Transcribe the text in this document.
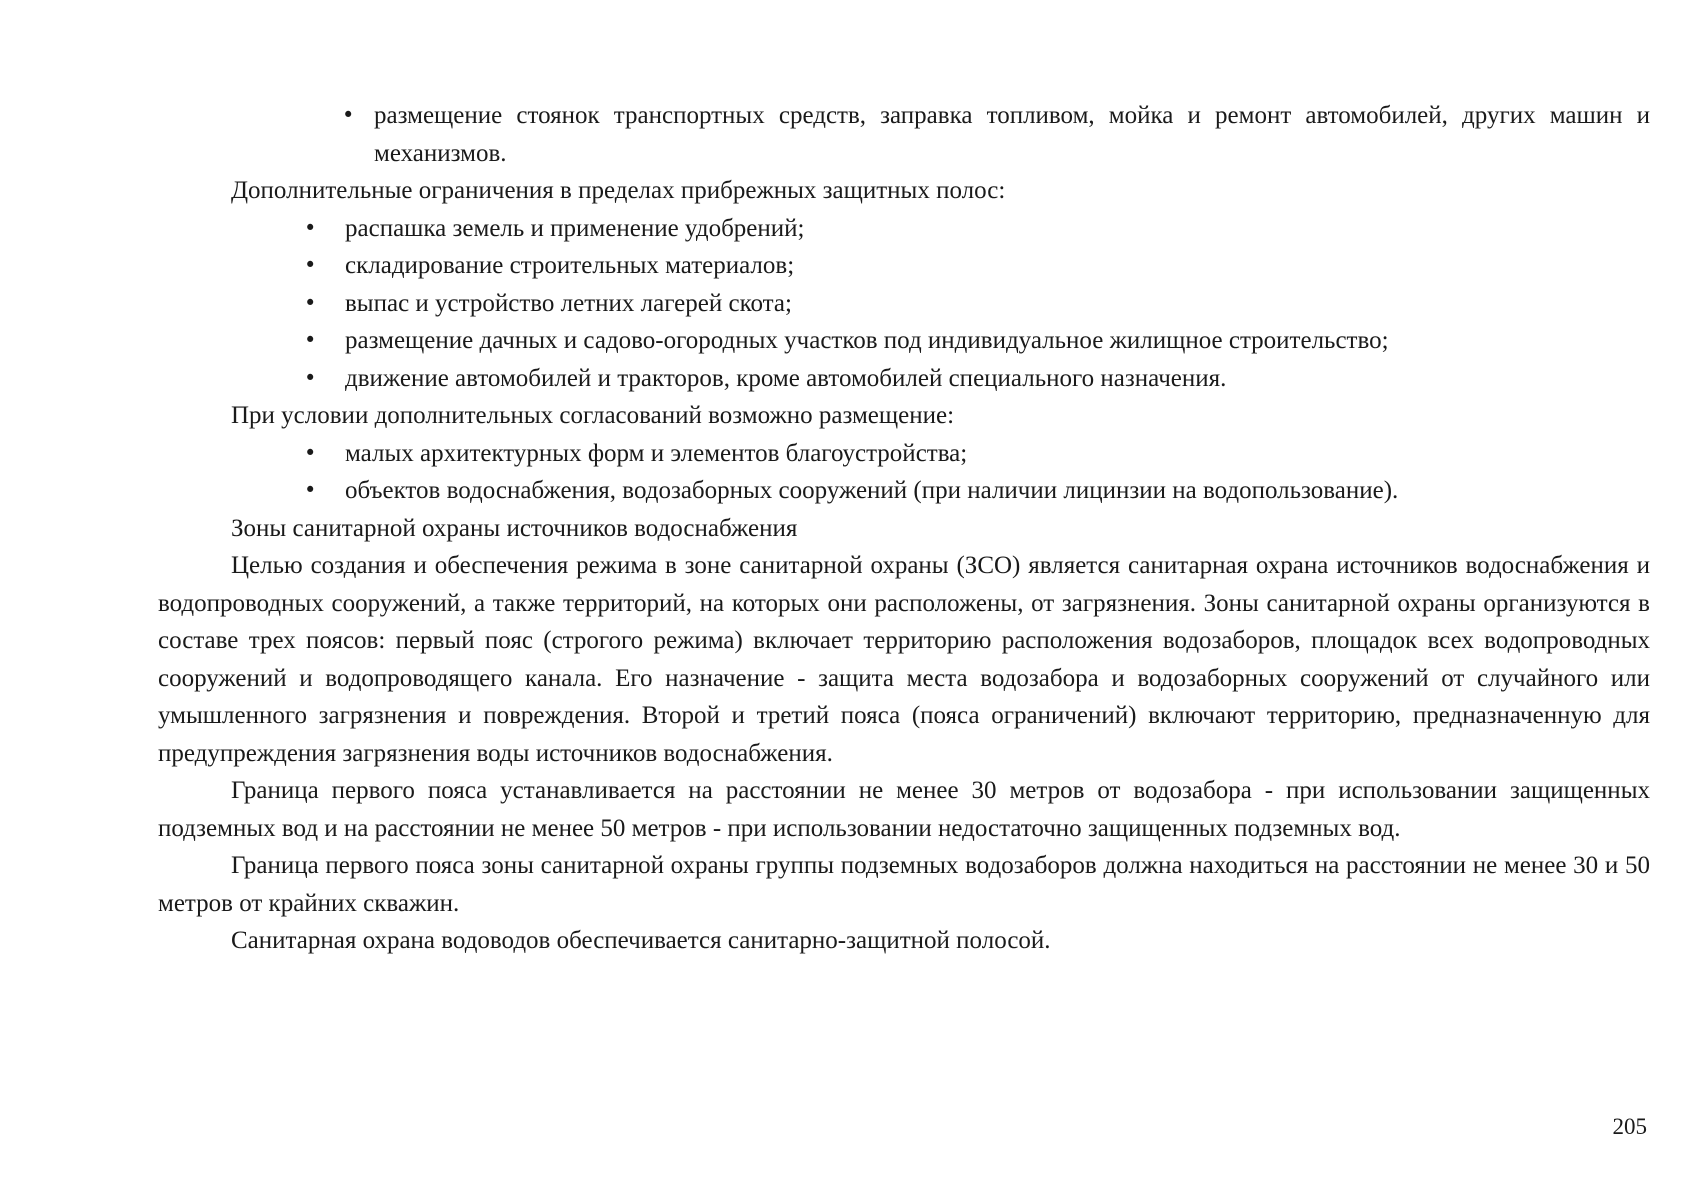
• размещение стоянок транспортных средств, заправка топливом, мойка и ремонт автомобилей, других машин и механизмов.

Дополнительные ограничения в пределах прибрежных защитных полос:

• распашка земель и применение удобрений;
• складирование строительных материалов;
• выпас и устройство летних лагерей скота;
• размещение дачных и садово-огородных участков под индивидуальное жилищное строительство;
• движение автомобилей и тракторов, кроме автомобилей специального назначения.

При условии дополнительных согласований возможно размещение:

• малых архитектурных форм и элементов благоустройства;
• объектов водоснабжения, водозаборных сооружений (при наличии лицинзии на водопользование).

Зоны санитарной охраны источников водоснабжения

Целью создания и обеспечения режима в зоне санитарной охраны (ЗСО) является санитарная охрана источников водоснабжения и водопроводных сооружений, а также территорий, на которых они расположены, от загрязнения. Зоны санитарной охраны организуются в составе трех поясов: первый пояс (строгого режима) включает территорию расположения водозаборов, площадок всех водопроводных сооружений и водопроводящего канала. Его назначение - защита места водозабора и водозаборных сооружений от случайного или умышленного загрязнения и повреждения. Второй и третий пояса (пояса ограничений) включают территорию, предназначенную для предупреждения загрязнения воды источников водоснабжения.

Граница первого пояса устанавливается на расстоянии не менее 30 метров от водозабора - при использовании защищенных подземных вод и на расстоянии не менее 50 метров - при использовании недостаточно защищенных подземных вод.

Граница первого пояса зоны санитарной охраны группы подземных водозаборов должна находиться на расстоянии не менее 30 и 50 метров от крайних скважин.

Санитарная охрана водоводов обеспечивается санитарно-защитной полосой.

205
